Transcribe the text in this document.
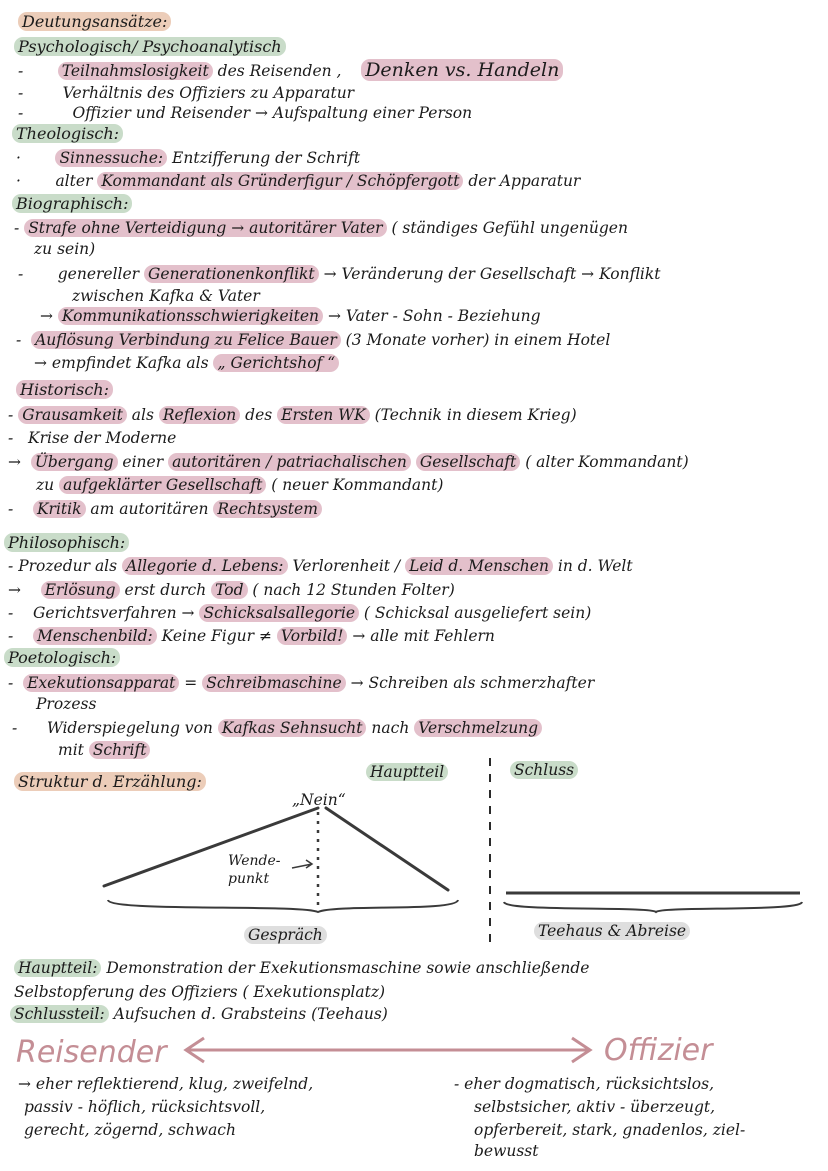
Deutungsansätze:
Psychologisch/ Psychoanalytisch
- Teilnahmslosigkeit des Reisenden , Denken vs. Handeln
-	Verhältnis des Offiziers zu Apparatur
-	Offizier und Reisender → Aufspaltung einer Person
Theologisch:
· Sinnessuche: Entzifferung der Schrift
· alter Kommandant als Gründerfigur / Schöpfergott der Apparatur
Biographisch:
- Strafe ohne Verteidigung → autoritärer Vater ( ständiges Gefühl ungenügen
zu sein)
- genereller Generationenkonflikt → Veränderung der Gesellschaft → Konflikt
zwischen Kafka & Vater
→ Kommunikationsschwierigkeiten → Vater - Sohn - Beziehung
- Auflösung Verbindung zu Felice Bauer (3 Monate vorher) in einem Hotel
→ empfindet Kafka als „ Gerichtshof “
Historisch:
- Grausamkeit als Reflexion des Ersten WK (Technik in diesem Krieg)
- Krise der Moderne
→ Übergang einer autoritären / patriachalischen Gesellschaft ( alter Kommandant)
zu aufgeklärter Gesellschaft ( neuer Kommandant)
- Kritik am autoritären Rechtsystem
Philosophisch:
- Prozedur als Allegorie d. Lebens: Verlorenheit / Leid d. Menschen in d. Welt
→ Erlösung erst durch Tod ( nach 12 Stunden Folter)
- Gerichtsverfahren → Schicksalsallegorie ( Schicksal ausgeliefert sein)
- Menschenbild: Keine Figur ≠ Vorbild! → alle mit Fehlern
Poetologisch:
- Exekutionsapparat = Schreibmaschine → Schreiben als schmerzhafter
Prozess
- Widerspiegelung von Kafkas Sehnsucht nach Verschmelzung
mit Schrift
Struktur d. Erzählung:	Hauptteil	Schluss
„Nein“
Wende-
punkt
Gespräch	Teehaus & Abreise
Hauptteil: Demonstration der Exekutionsmaschine sowie anschließende
Selbstopferung des Offiziers ( Exekutionsplatz)
Schlussteil: Aufsuchen d. Grabsteins (Teehaus)
Reisender	Offizier
→ eher reflektierend, klug, zweifelnd,
passiv - höflich, rücksichtsvoll,
gerecht, zögernd, schwach
- eher dogmatisch, rücksichtslos,
selbstsicher, aktiv - überzeugt,
opferbereit, stark, gnadenlos, ziel-
bewusst
